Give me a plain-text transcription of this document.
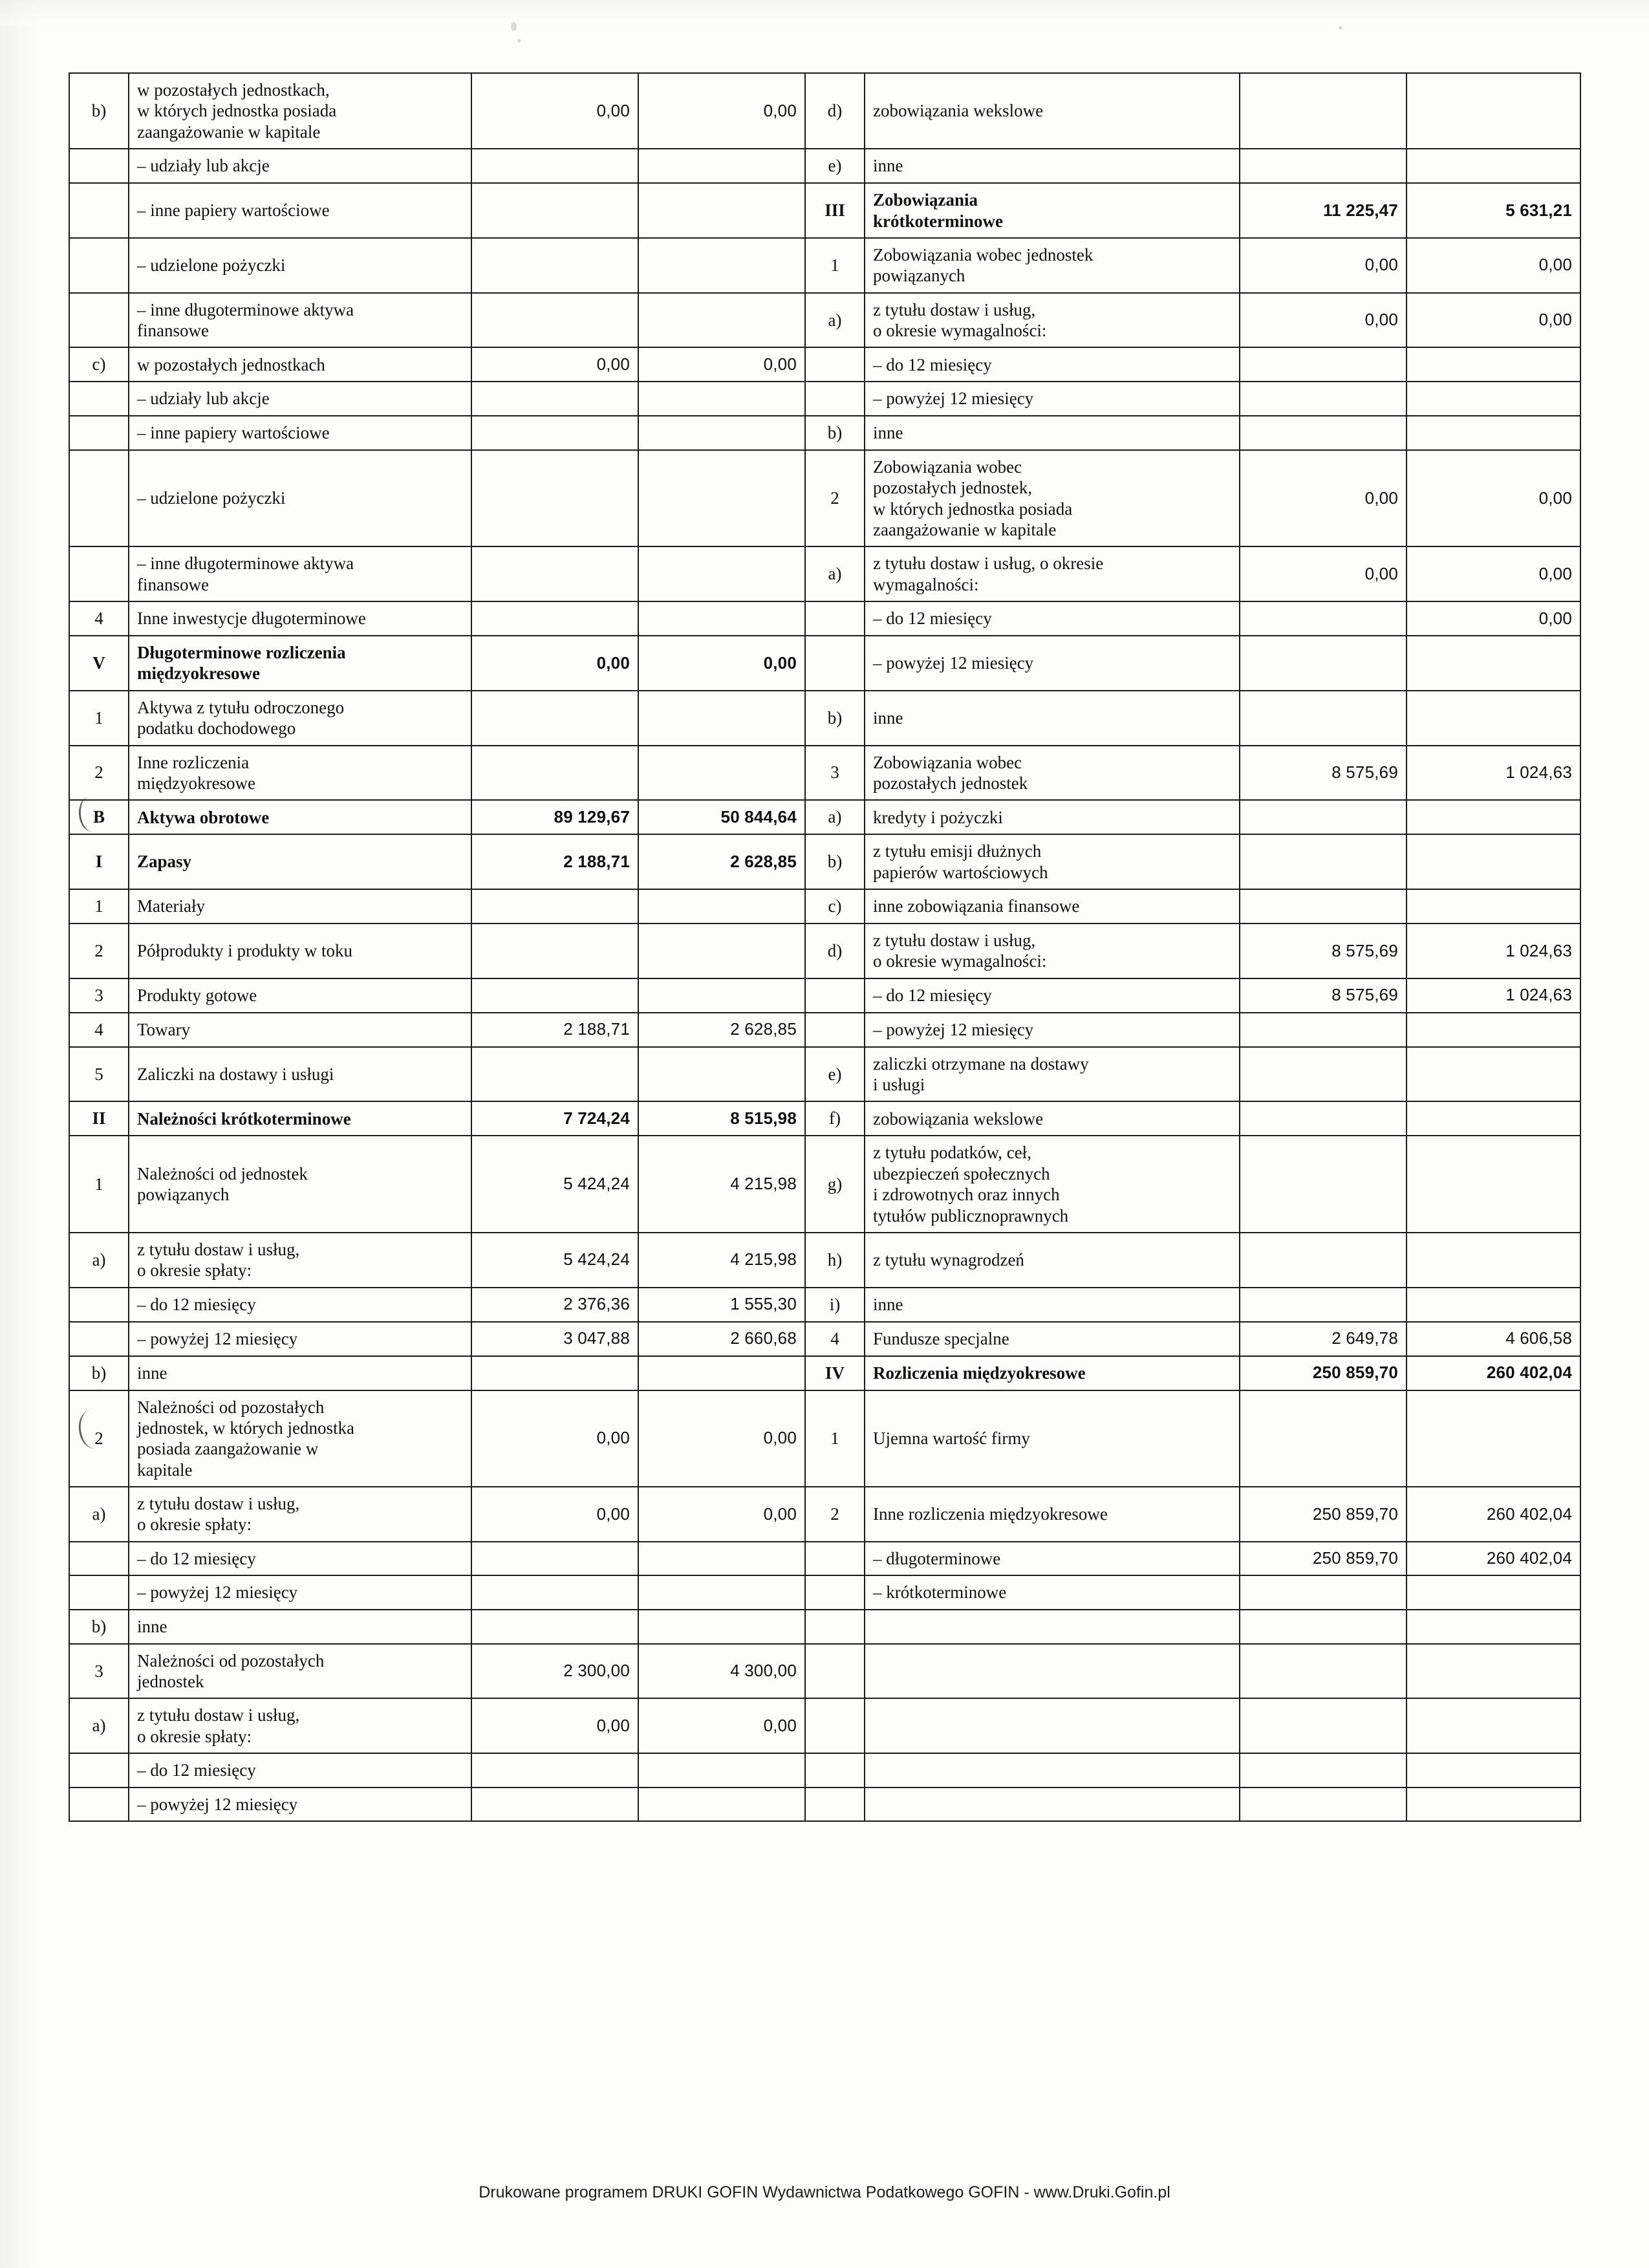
b)	w pozostałych jednostkach,
w których jednostka posiada
zaangażowanie w kapitale	0,00	0,00	d)	zobowiązania wekslowe		
	– udziały lub akcje			e)	inne		
	– inne papiery wartościowe			III	Zobowiązania
krótkoterminowe	11 225,47	5 631,21
	– udzielone pożyczki			1	Zobowiązania wobec jednostek
powiązanych	0,00	0,00
	– inne długoterminowe aktywa
finansowe			a)	z tytułu dostaw i usług,
o okresie wymagalności:	0,00	0,00
c)	w pozostałych jednostkach	0,00	0,00		– do 12 miesięcy		
	– udziały lub akcje				– powyżej 12 miesięcy		
	– inne papiery wartościowe			b)	inne		
	– udzielone pożyczki			2	Zobowiązania wobec
pozostałych jednostek,
w których jednostka posiada
zaangażowanie w kapitale	0,00	0,00
	– inne długoterminowe aktywa
finansowe			a)	z tytułu dostaw i usług, o okresie
wymagalności:	0,00	0,00
4	Inne inwestycje długoterminowe				– do 12 miesięcy		0,00
V	Długoterminowe rozliczenia
międzyokresowe	0,00	0,00		– powyżej 12 miesięcy		
1	Aktywa z tytułu odroczonego
podatku dochodowego			b)	inne		
2	Inne rozliczenia
międzyokresowe			3	Zobowiązania wobec
pozostałych jednostek	8 575,69	1 024,63
B	Aktywa obrotowe	89 129,67	50 844,64	a)	kredyty i pożyczki		
I	Zapasy	2 188,71	2 628,85	b)	z tytułu emisji dłużnych
papierów wartościowych		
1	Materiały			c)	inne zobowiązania finansowe		
2	Półprodukty i produkty w toku			d)	z tytułu dostaw i usług,
o okresie wymagalności:	8 575,69	1 024,63
3	Produkty gotowe				– do 12 miesięcy	8 575,69	1 024,63
4	Towary	2 188,71	2 628,85		– powyżej 12 miesięcy		
5	Zaliczki na dostawy i usługi			e)	zaliczki otrzymane na dostawy
i usługi		
II	Należności krótkoterminowe	7 724,24	8 515,98	f)	zobowiązania wekslowe		
1	Należności od jednostek
powiązanych	5 424,24	4 215,98	g)	z tytułu podatków, ceł,
ubezpieczeń społecznych
i zdrowotnych oraz innych
tytułów publicznoprawnych		
a)	z tytułu dostaw i usług,
o okresie spłaty:	5 424,24	4 215,98	h)	z tytułu wynagrodzeń		
	– do 12 miesięcy	2 376,36	1 555,30	i)	inne		
	– powyżej 12 miesięcy	3 047,88	2 660,68	4	Fundusze specjalne	2 649,78	4 606,58
b)	inne			IV	Rozliczenia międzyokresowe	250 859,70	260 402,04
2	Należności od pozostałych
jednostek, w których jednostka
posiada zaangażowanie w
kapitale	0,00	0,00	1	Ujemna wartość firmy		
a)	z tytułu dostaw i usług,
o okresie spłaty:	0,00	0,00	2	Inne rozliczenia międzyokresowe	250 859,70	260 402,04
	– do 12 miesięcy				– długoterminowe	250 859,70	260 402,04
	– powyżej 12 miesięcy				– krótkoterminowe		
b)	inne						
3	Należności od pozostałych
jednostek	2 300,00	4 300,00				
a)	z tytułu dostaw i usług,
o okresie spłaty:	0,00	0,00				
	– do 12 miesięcy						
	– powyżej 12 miesięcy						
Drukowane programem DRUKI GOFIN Wydawnictwa Podatkowego GOFIN - www.Druki.Gofin.pl
